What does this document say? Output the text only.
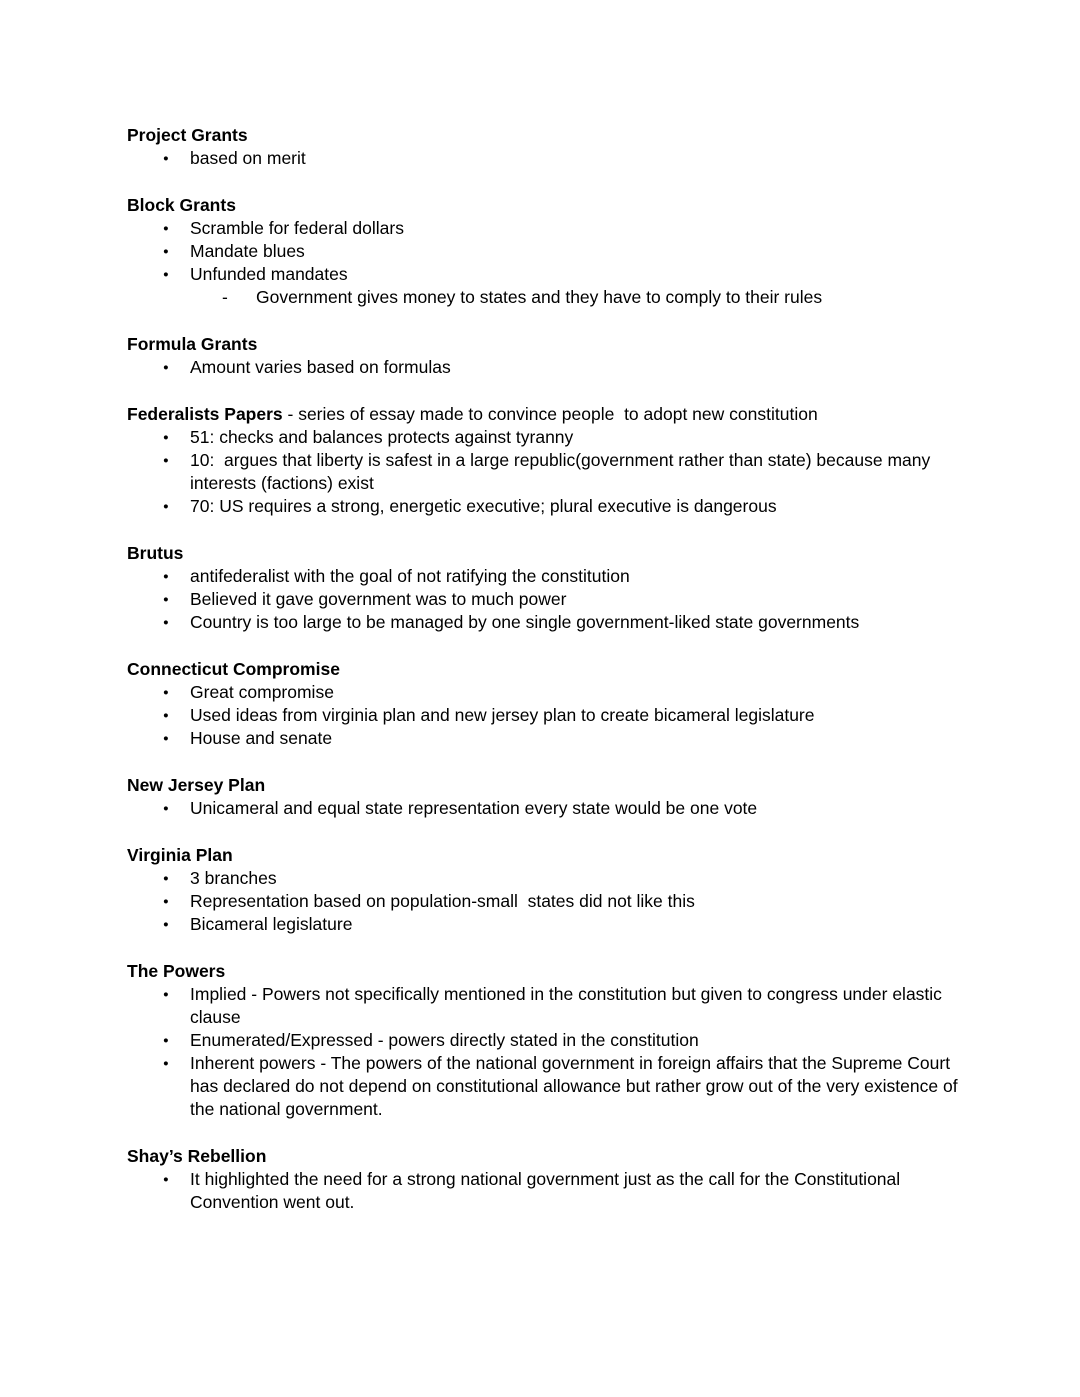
Project Grants
●	based on merit
Block Grants
●	Scramble for federal dollars
●	Mandate blues
●	Unfunded mandates
-	Government gives money to states and they have to comply to their rules
Formula Grants
●	Amount varies based on formulas
Federalists Papers - series of essay made to convince people  to adopt new constitution
●	51: checks and balances protects against tyranny
●	10:  argues that liberty is safest in a large republic(government rather than state) because many interests (factions) exist
●	70: US requires a strong, energetic executive; plural executive is dangerous
Brutus
●	antifederalist with the goal of not ratifying the constitution
●	Believed it gave government was to much power
●	Country is too large to be managed by one single government-liked state governments
Connecticut Compromise
●	Great compromise
●	Used ideas from virginia plan and new jersey plan to create bicameral legislature
●	House and senate
New Jersey Plan
●	Unicameral and equal state representation every state would be one vote
Virginia Plan
●	3 branches
●	Representation based on population-small  states did not like this
●	Bicameral legislature
The Powers
●	Implied - Powers not specifically mentioned in the constitution but given to congress under elastic clause
●	Enumerated/Expressed - powers directly stated in the constitution
●	Inherent powers - The powers of the national government in foreign affairs that the Supreme Court has declared do not depend on constitutional allowance but rather grow out of the very existence of the national government.
Shay’s Rebellion
●	It highlighted the need for a strong national government just as the call for the Constitutional Convention went out.
